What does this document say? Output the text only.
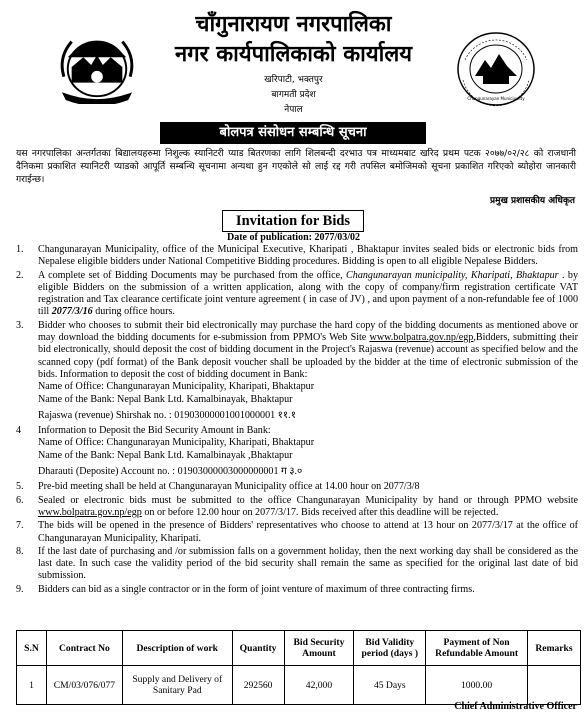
Changunarayan Municipality
चाँगुनारायण नगरपालिका
नगर कार्यपालिकाको कार्यालय
खरिपाटी, भक्तपुर
बागमती प्रदेश
नेपाल
बोलपत्र संसोधन सम्बन्धि सूचना
यस नगरपालिका अन्तर्गतका बिद्यालयहरुमा निशुल्क स्यानिटरी प्याड बितरणका लागि शिलबन्दी दरभाउ पत्र माध्यमबाट खरिद प्रथम पटक २०७७/०२/२८ को राजधानी दैनिकमा प्रकाशित स्यानिटरी प्याडको आपूर्ति सम्बन्धि सूचनामा अन्यथा हुन गएकोले सो लाई रद्द गरी तपसिल बमोजिमको सूचना प्रकाशित गरिएको ब्योहोरा जानकारी गराईन्छ।
प्रमुख प्रशासकीय अधिकृत
Invitation for Bids
Date of publication: 2077/03/02
1.	Changunarayan Municipality, office of the Municipal Executive, Kharipati , Bhaktapur invites sealed bids or electronic bids from Nepalese eligible bidders under National Competitive Bidding procedures. Bidding is open to all eligible Nepalese Bidders.
2.	A complete set of Bidding Documents may be purchased from the office, Changunarayan municipality, Kharipati, Bhaktapur . by eligible Bidders on the submission of a written application, along with the copy of company/firm registration certificate VAT registration and Tax clearance certificate joint venture agreement ( in case of JV) , and upon payment of a non-refundable fee of 1000 till 2077/3/16 during office hours.
3.	Bidder who chooses to submit their bid electronically may purchase the hard copy of the bidding documents as mentioned above or may download the bidding documents for e-submission from PPMO's Web Site www.bolpatra.gov.np/egp,Bidders, submitting their bid electronically, should deposit the cost of bidding document in the Project's Rajaswa (revenue) account as specified below and the scanned copy (pdf format) of the Bank deposit voucher shall be uploaded by the bidder at the time of electronic submission of the bids. Information to deposit the cost of bidding document in Bank:
Name of Office: Changunarayan Municipality, Kharipati, Bhaktapur
Name of the Bank: Nepal Bank Ltd. Kamalbinayak, Bhaktapur
Rajaswa (revenue) Shirshak no. : 01903000001001000001 ११.१
4	Information to Deposit the Bid Security Amount in Bank:
Name of Office: Changunarayan Municipality, Kharipati, Bhaktapur
Name of the Bank: Nepal Bank Ltd. Kamalbinayak ,Bhaktapur
Dharauti (Deposite) Account no. : 01903000003000000001 ग ३.०
5.	Pre-bid meeting shall be held at Changunarayan Municipality office at 14.00 hour on 2077/3/8
6.	Sealed or electronic bids must be submitted to the office Changunarayan Municipality by hand or through PPMO website www.bolpatra.gov.np/egp on or before 12.00 hour on 2077/3/17. Bids received after this deadline will be rejected.
7.	The bids will be opened in the presence of Bidders' representatives who choose to attend at 13 hour on 2077/3/17 at the office of Changunarayan Municipality, Kharipati.
8.	If the last date of purchasing and /or submission falls on a government holiday, then the next working day shall be considered as the last date. In such case the validity period of the bid security shall remain the same as specified for the original last date of bid submission.
9.	Bidders can bid as a single contractor or in the form of joint venture of maximum of three contracting firms.
S.N	Contract No	Description of work	Quantity	Bid Security Amount	Bid Validity period (days )	Payment of Non Refundable Amount	Remarks
1	CM/03/076/077	Supply and Delivery of Sanitary Pad	292560	42,000	45 Days	1000.00	
Chief Administrative Officer
